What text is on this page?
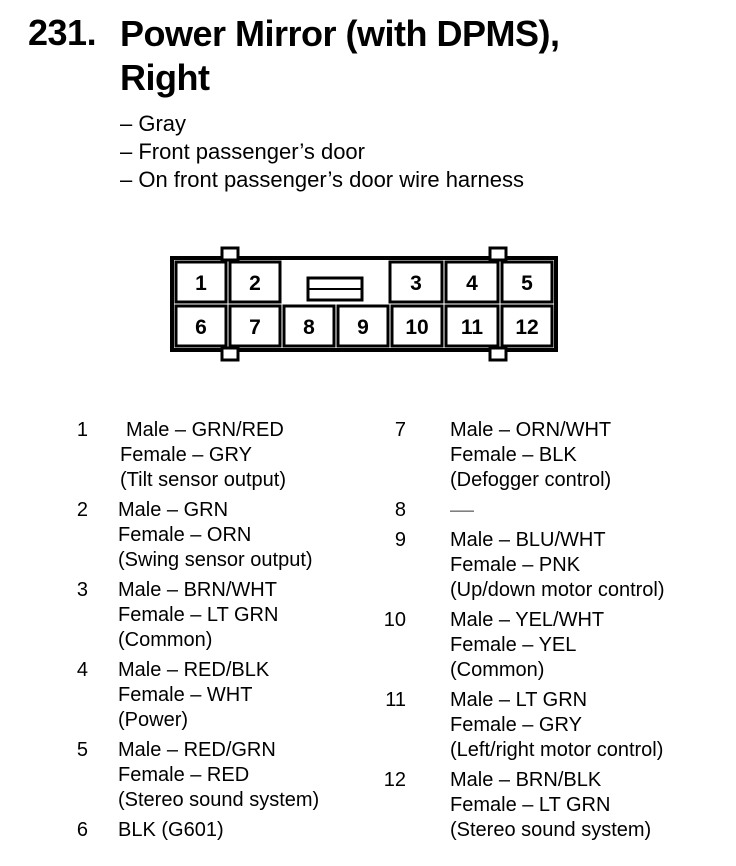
231. Power Mirror (with DPMS),
Right
– Gray
– Front passenger’s door
– On front passenger’s door wire harness
1 2	3 4 5
6 7 8 9 10 11 12
1 Male – GRN/RED
Female – GRY
(Tilt sensor output)
2 Male – GRN
Female – ORN
(Swing sensor output)
3 Male – BRN/WHT
Female – LT GRN
(Common)
4 Male – RED/BLK
Female – WHT
(Power)
5 Male – RED/GRN
Female – RED
(Stereo sound system)
6 BLK (G601)
7 Male – ORN/WHT
Female – BLK
(Defogger control)
8	——
9 Male – BLU/WHT
Female – PNK
(Up/down motor control)
10 Male – YEL/WHT
Female – YEL
(Common)
11 Male – LT GRN
Female – GRY
(Left/right motor control)
12 Male – BRN/BLK
Female – LT GRN
(Stereo sound system)
